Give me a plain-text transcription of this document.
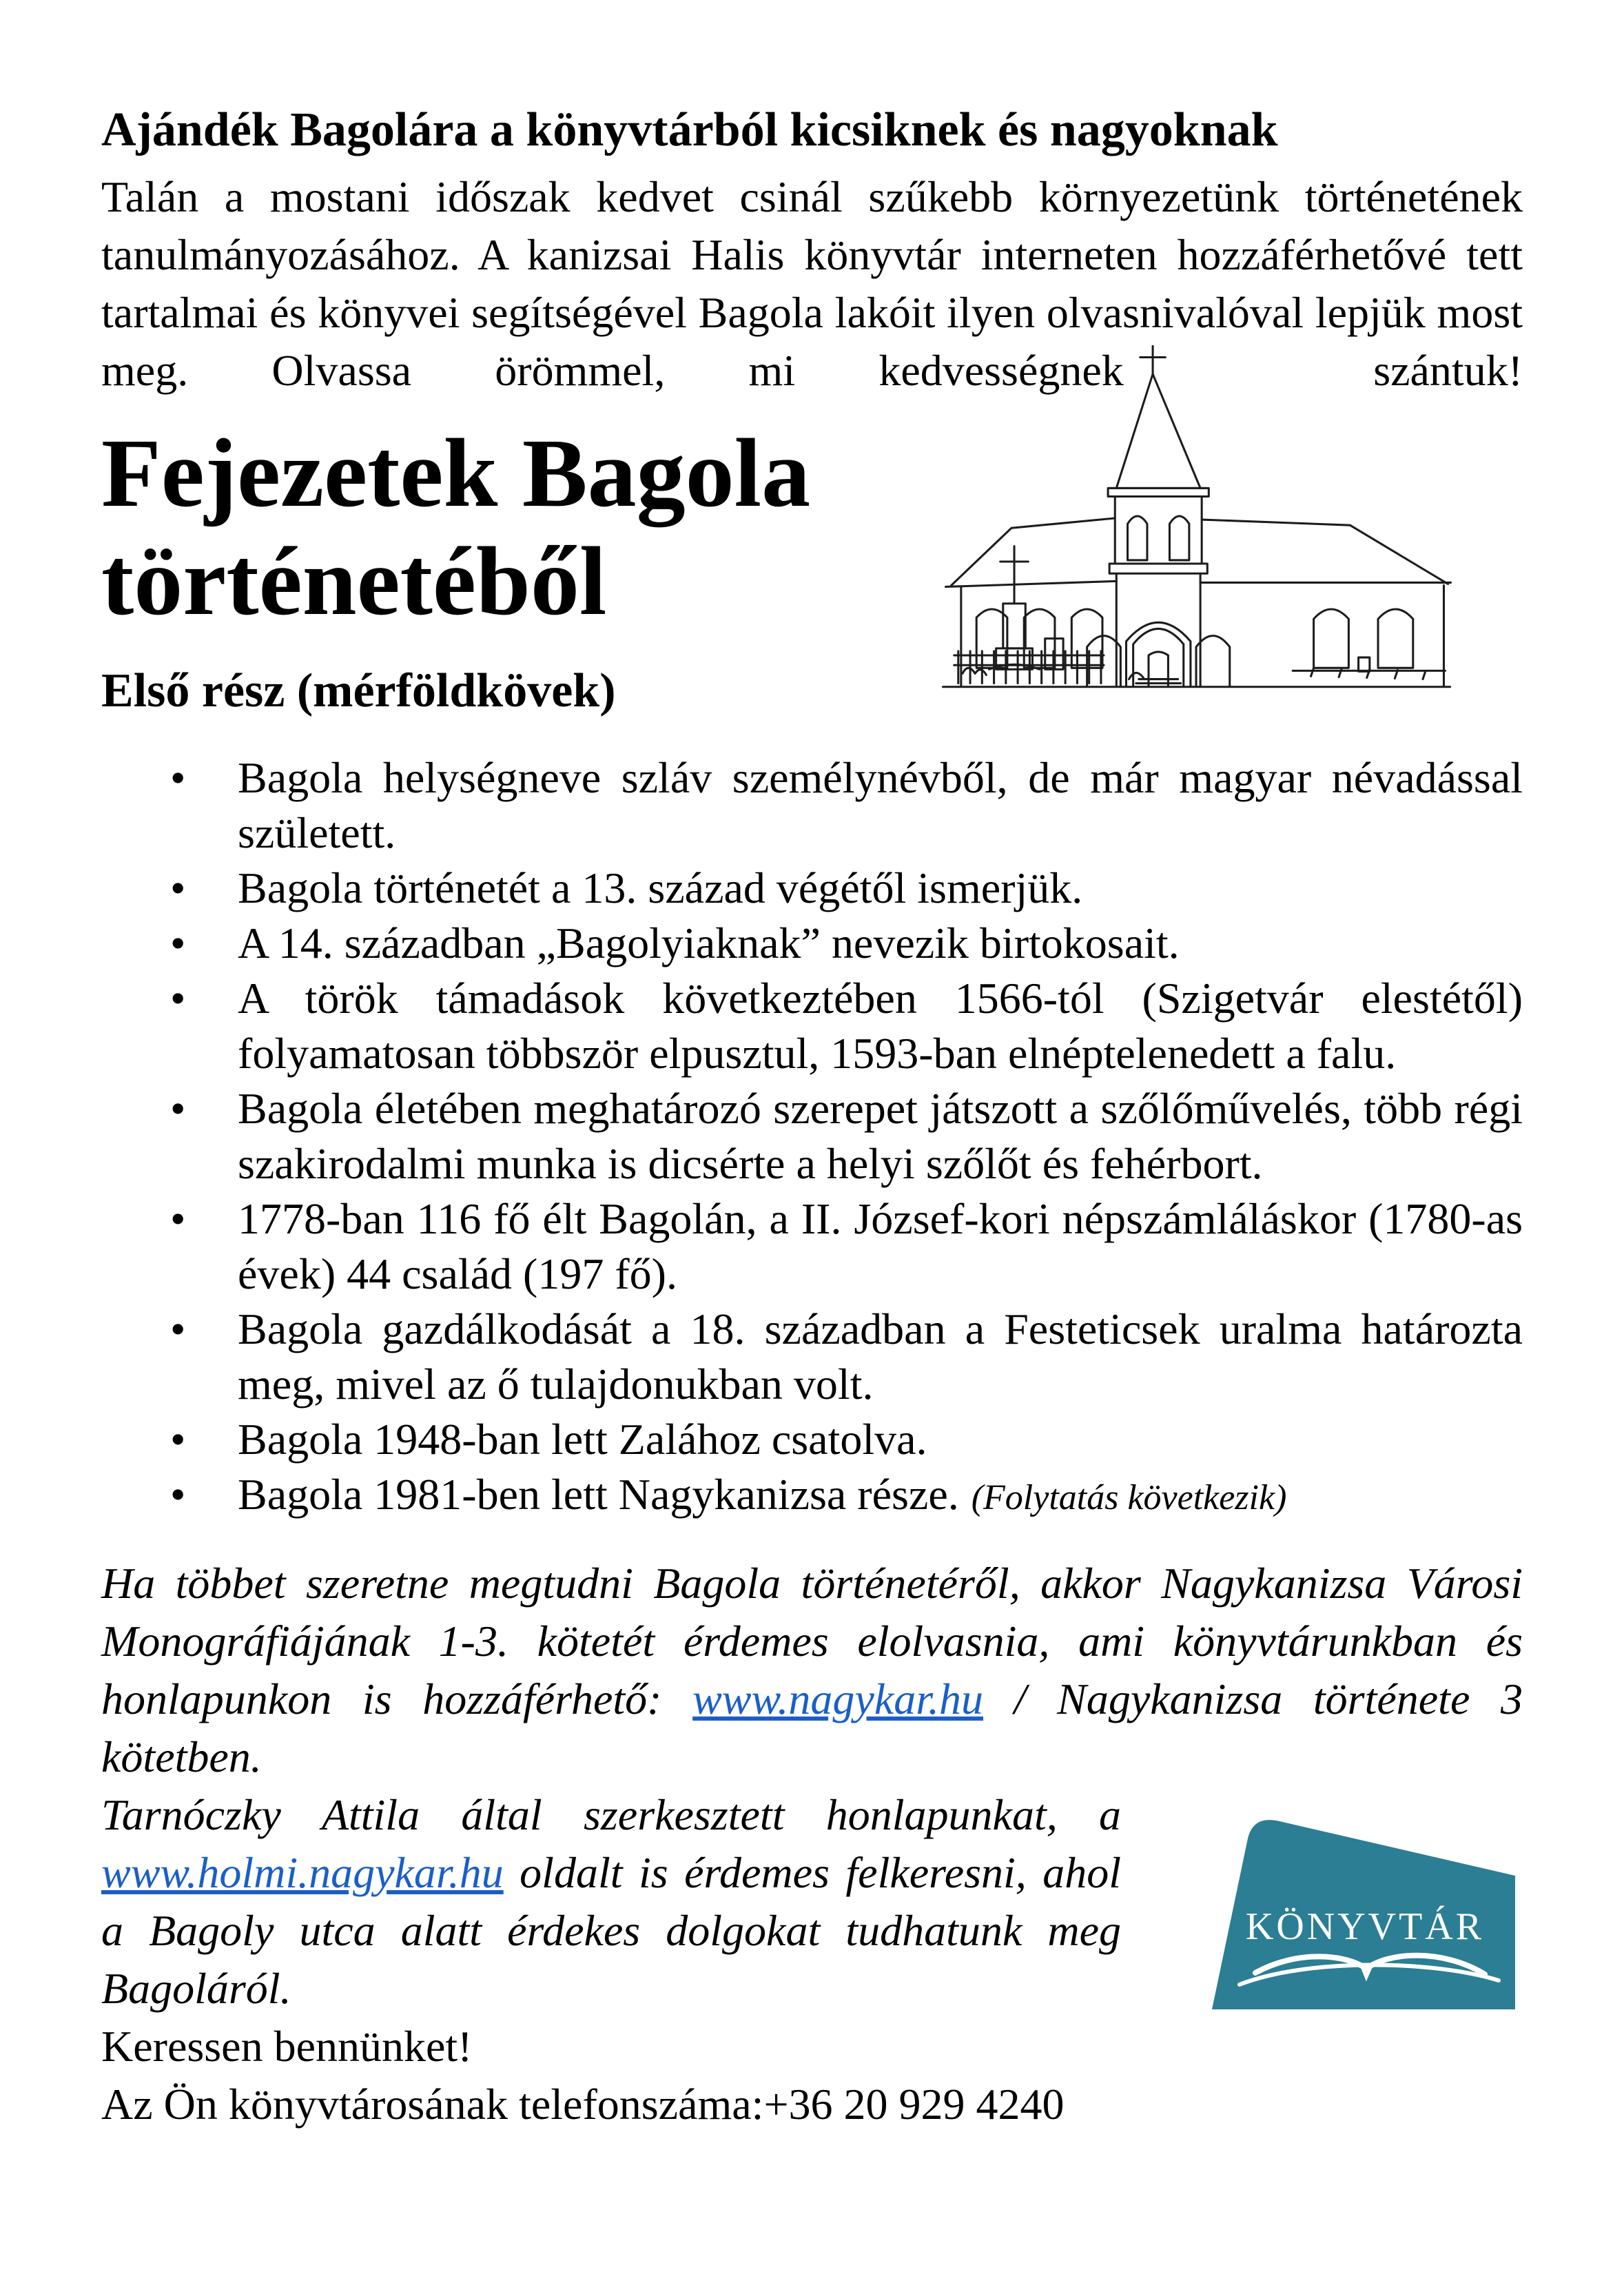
Ajándék Bagolára a könyvtárból kicsiknek és nagyoknak

Talán a mostani időszak kedvet csinál szűkebb környezetünk történetének tanulmányozásához. A kanizsai Halis könyvtár interneten hozzáférhetővé tett tartalmai és könyvei segítségével Bagola lakóit ilyen olvasnivalóval lepjük most meg. Olvassa örömmel, mi kedvességnek	szántuk!

Fejezetek Bagola történetéből
Első rész (mérföldkövek)
• Bagola helységneve szláv személynévből, de már magyar névadással született.
• Bagola történetét a 13. század végétől ismerjük.
• A 14. században „Bagolyiaknak” nevezik birtokosait.
• A török támadások következtében 1566-tól (Szigetvár elestétől) folyamatosan többször elpusztul, 1593-ban elnéptelenedett a falu.
• Bagola életében meghatározó szerepet játszott a szőlőművelés, több régi szakirodalmi munka is dicsérte a helyi szőlőt és fehérbort.
• 1778-ban 116 fő élt Bagolán, a II. József-kori népszámláláskor (1780-as évek) 44 család (197 fő).
• Bagola gazdálkodását a 18. században a Festeticsek uralma határozta meg, mivel az ő tulajdonukban volt.
• Bagola 1948-ban lett Zalához csatolva.
• Bagola 1981-ben lett Nagykanizsa része. (Folytatás következik)

Ha többet szeretne megtudni Bagola történetéről, akkor Nagykanizsa Városi Monográfiájának 1-3. kötetét érdemes elolvasnia, ami könyvtárunkban és honlapunkon is hozzáférhető: www.nagykar.hu / Nagykanizsa története 3 kötetben.

Tarnóczky Attila által szerkesztett honlapunkat, a www.holmi.nagykar.hu oldalt is érdemes felkeresni, ahol a Bagoly utca alatt érdekes dolgokat tudhatunk meg Bagoláról.

Keressen bennünket!

Az Ön könyvtárosának telefonszáma:+36 20 929 4240

KÖNYVTÁR
